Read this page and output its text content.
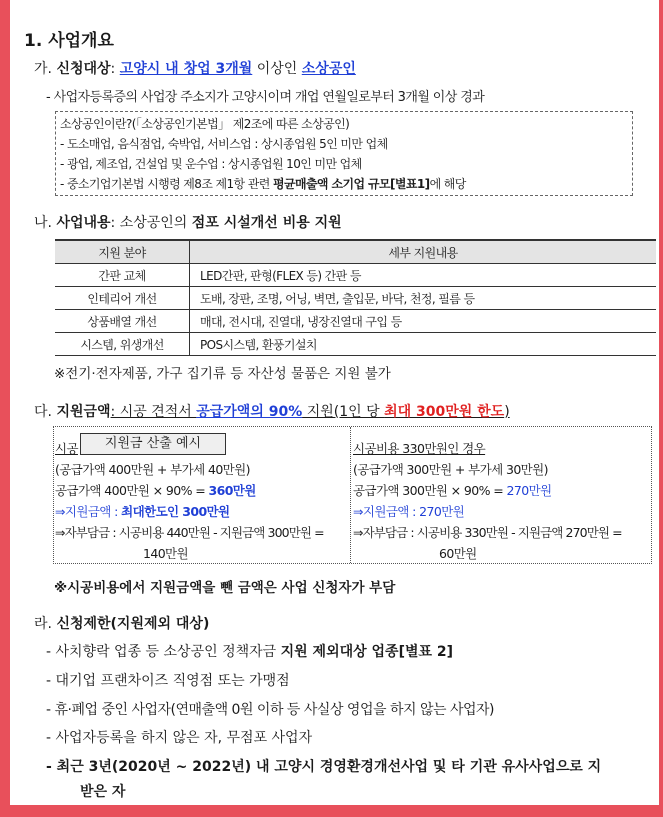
1. 사업개요
가. 신청대상: 고양시 내 창업 3개월 이상인 소상공인
- 사업자등록증의 사업장 주소지가 고양시이며 개업 연월일로부터 3개월 이상 경과
소상공인이란?(「소상공인기본법」 제2조에 따른 소상공인)
- 도소매업, 음식점업, 숙박업, 서비스업 : 상시종업원 5인 미만 업체
- 광업, 제조업, 건설업 및 운수업 : 상시종업원 10인 미만 업체
- 중소기업기본법 시행령 제8조 제1항 관련 평균매출액 소기업 규모[별표1]에 해당
나. 사업내용: 소상공인의 점포 시설개선 비용 지원
지원 분야	세부 지원내용
간판 교체	LED간판, 판형(FLEX 등) 간판 등
인테리어 개선	도배, 장판, 조명, 어닝, 벽면, 출입문, 바닥, 천정, 필름 등
상품배열 개선	매대, 전시대, 진열대, 냉장진열대 구입 등
시스템, 위생개선	POS시스템, 환풍기설치
※전기·전자제품, 가구 집기류 등 자산성 물품은 지원 불가
다. 지원금액: 시공 견적서 공급가액의 90% 지원(1인 당 최대 300만원 한도)
시공	지원금 산출 예시
(공급가액 400만원 + 부가세 40만원)
공급가액 400만원 × 90% = 360만원
⇒지원금액 : 최대한도인 300만원
⇒자부담금 : 시공비용 440만원 - 지원금액 300만원 =
140만원
시공비용 330만원인 경우
(공급가액 300만원 + 부가세 30만원)
공급가액 300만원 × 90% = 270만원
⇒지원금액 : 270만원
⇒자부담금 : 시공비용 330만원 - 지원금액 270만원 =
60만원
※시공비용에서 지원금액을 뺀 금액은 사업 신청자가 부담
라. 신청제한(지원제외 대상)
- 사치향락 업종 등 소상공인 정책자금 지원 제외대상 업종[별표 2]
- 대기업 프랜차이즈 직영점 또는 가맹점
- 휴·폐업 중인 사업자(연매출액 0원 이하 등 사실상 영업을 하지 않는 사업자)
- 사업자등록을 하지 않은 자, 무점포 사업자
- 최근 3년(2020년 ~ 2022년) 내 고양시 경영환경개선사업 및 타 기관 유사사업으로 지
받은 자
